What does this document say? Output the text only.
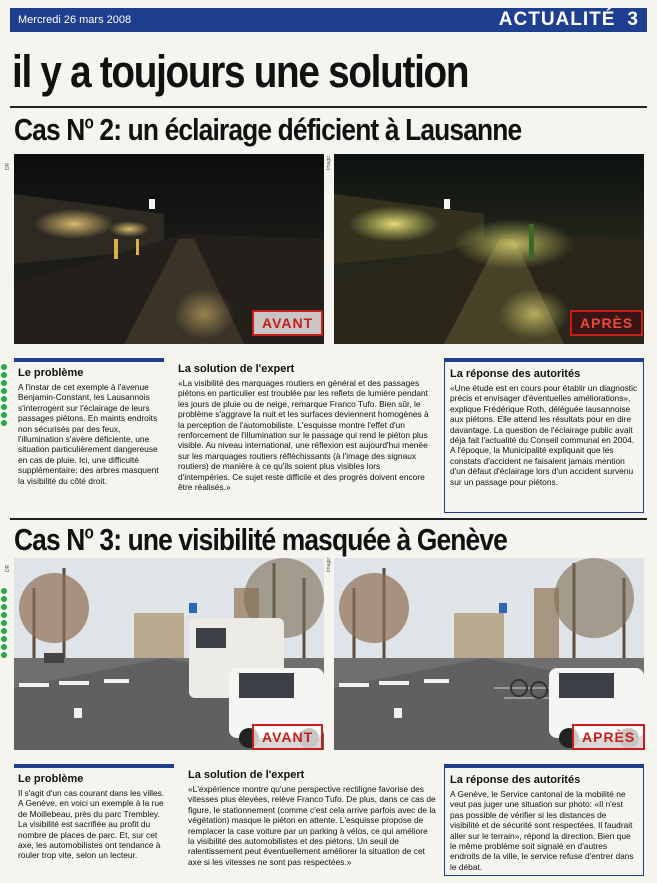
Mercredi 26 mars 2008	ACTUALITÉ 3
il y a toujours une solution
Cas $N^o$ 2: un éclairage déficient à Lausanne
DR
AVANT
Imagic
APRÈS
Le problème

A l'instar de cet exemple à l'avenue Benjamin-Constant, les Lausannois s'interrogent sur l'éclairage de leurs passages piétons. En maints endroits non sécurisés par des feux, l'illumination s'avère déficiente, une situation particulièrement dangereuse en cas de pluie. Ici, une difficulté supplémentaire: des arbres masquent la visibilité du côté droit.

La solution de l'expert

«La visibilité des marquages routiers en général et des passages piétons en particulier est troublée par les reflets de lumière pendant les jours de pluie ou de neige, remarque Franco Tufo. Bien sûr, le problème s'aggrave la nuit et les surfaces deviennent homogènes à la perception de l'automobiliste. L'esquisse montre l'effet d'un renforcement de l'illumination sur le passage qui rend le piéton plus visible. Au niveau international, une réflexion est aujourd'hui menée sur les marquages routiers réfléchissants (à l'image des signaux routiers) de manière à ce qu'ils soient plus visibles lors d'intempéries. Ce sujet reste difficile et des progrès doivent encore être réalisés.»

La réponse des autorités

«Une étude est en cours pour établir un diagnostic précis et envisager d'éventuelles améliorations», explique Frédérique Roth, déléguée lausannoise aux piétons. Elle attend les résultats pour en dire davantage. La question de l'éclairage public avait déjà fait l'actualité du Conseil communal en 2004. A l'époque, la Municipalité expliquait que les constats d'accident ne faisaient jamais mention d'un défaut d'éclairage lors d'un accident survenu sur un passage pour piétons.

Cas $N^o$ 3: une visibilité masquée à Genève
DR
AVANT
Imagic
APRÈS
Le problème

Il s'agit d'un cas courant dans les villes. A Genève, en voici un exemple à la rue de Moillebeau, près du parc Trembley. La visibilité est sacrifiée au profit du nombre de places de parc. Et, sur cet axe, les automobilistes ont tendance à rouler trop vite, selon un lecteur.

La solution de l'expert

«L'expérience montre qu'une perspective rectiligne favorise des vitesses plus élevées, relève Franco Tufo. De plus, dans ce cas de figure, le stationnement (comme c'est cela arrive parfois avec de la végétation) masque le piéton en attente. L'esquisse propose de remplacer la case voiture par un parking à vélos, ce qui améliore la visibilité des automobilistes et des piétons. Un seuil de ralentissement peut éventuellement améliorer la situation de cet axe si les vitesses ne sont pas respectées.»

La réponse des autorités

A Genève, le Service cantonal de la mobilité ne veut pas juger une situation sur photo: «Il n'est pas possible de vérifier si les distances de visibilité et de sécurité sont respectées. Il faudrait aller sur le terrain», répond la direction. Bien que le même problème soit signalé en d'autres endroits de la ville, le service refuse d'entrer dans le débat.
